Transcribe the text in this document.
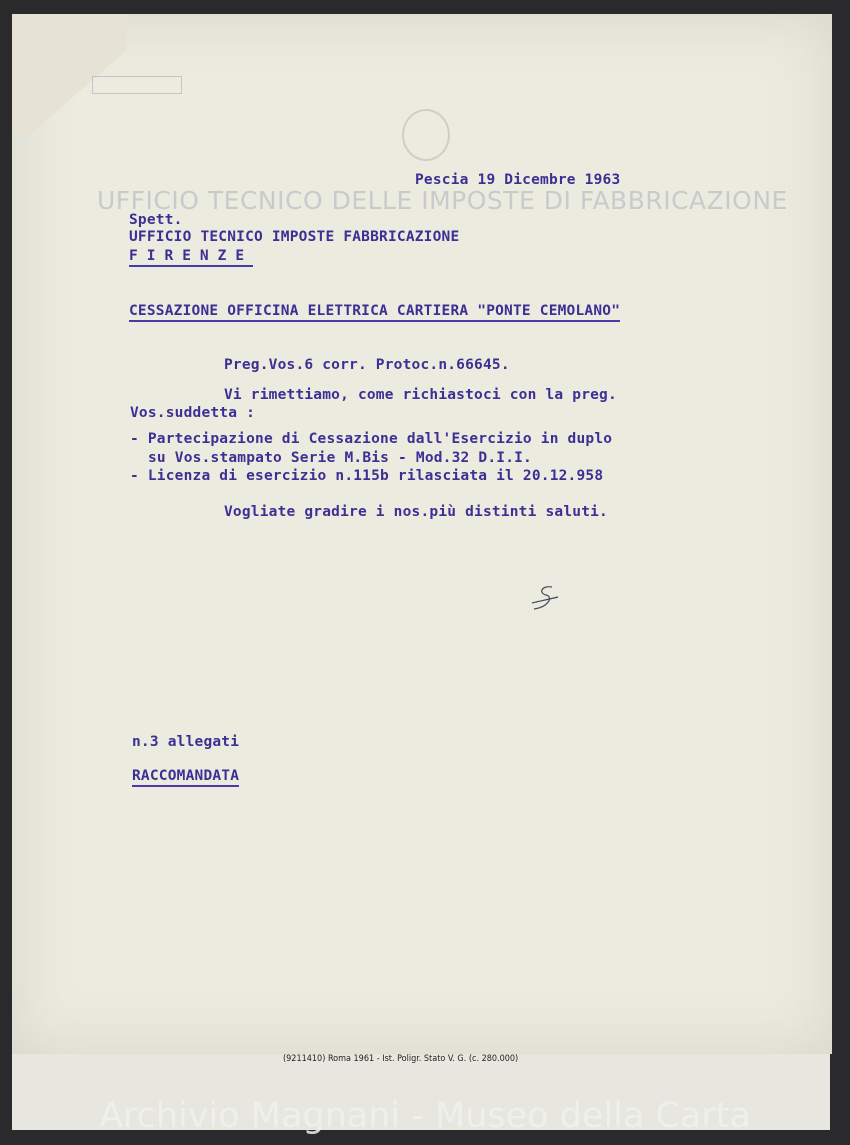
UFFICIO TECNICO DELLE IMPOSTE DI FABBRICAZIONE
Pescia 19 Dicembre 1963
Spett.
UFFICIO TECNICO IMPOSTE FABBRICAZIONE
FIRENZE
CESSAZIONE OFFICINA ELETTRICA CARTIERA "PONTE CEMOLANO"
Preg.Vos.6 corr. Protoc.n.66645.
Vi rimettiamo, come richiastoci con la preg.
Vos.suddetta :
- Partecipazione di Cessazione dall'Esercizio in duplo
su Vos.stampato Serie M.Bis - Mod.32 D.I.I.
- Licenza di esercizio n.115b rilasciata il 20.12.958
Vogliate gradire i nos.più distinti saluti.
n.3 allegati
RACCOMANDATA
(9211410) Roma 1961 - Ist. Poligr. Stato V. G. (c. 280.000)
Archivio Magnani - Museo della Carta
